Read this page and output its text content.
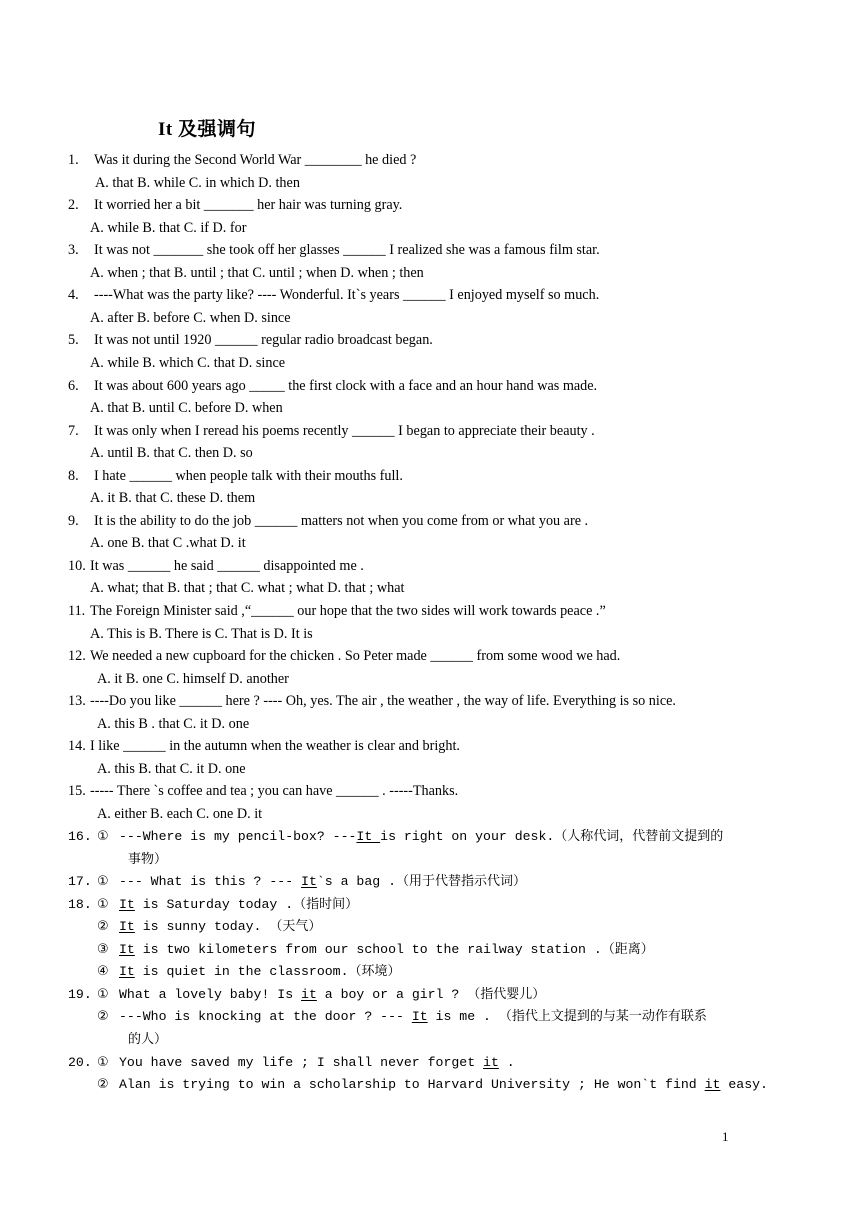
It 及强调句
1. Was it during the Second World War ________ he died ?
A. that B. while C. in which D. then
2. It worried her a bit _______ her hair was turning gray.
A. while B. that C. if D. for
3. It was not _______ she took off her glasses ______ I realized she was a famous film star.
A. when ; that B. until ; that C. until ; when D. when ; then
4. ----What was the party like? ---- Wonderful. It`s years ______ I enjoyed myself so much.
A. after B. before C. when D. since
5. It was not until 1920 ______ regular radio broadcast began.
A. while B. which C. that D. since
6. It was about 600 years ago _____ the first clock with a face and an hour hand was made.
A. that B. until C. before D. when
7. It was only when I reread his poems recently ______ I began to appreciate their beauty .
A. until B. that C. then D. so
8. I hate ______ when people talk with their mouths full.
A. it B. that C. these D. them
9. It is the ability to do the job ______ matters not when you come from or what you are .
A. one B. that C .what D. it
10. It was ______ he said ______ disappointed me .
A. what; that B. that ; that C. what ; what D. that ; what
11. The Foreign Minister said ,“______ our hope that the two sides will work towards peace .”
A. This is B. There is C. That is D. It is
12. We needed a new cupboard for the chicken . So Peter made ______ from some wood we had.
A. it B. one C. himself D. another
13. ----Do you like ______ here ? ---- Oh, yes. The air , the weather , the way of life. Everything is so nice.
A. this B . that C. it D. one
14. I like ______ in the autumn when the weather is clear and bright.
A. this B. that C. it D. one
15. ----- There `s coffee and tea ; you can have ______ . -----Thanks.
A. either B. each C. one D. it
16. ① ---Where is my pencil-box? ---It is right on your desk.（人称代词，代替前文提到的
事物）
17. ① --- What is this ? --- It`s a bag .（用于代替指示代词）
18. ① It is Saturday today .（指时间）
② It is sunny today. （天气）
③ It is two kilometers from our school to the railway station .（距离）
④ It is quiet in the classroom.（环境）
19. ① What a lovely baby! Is it a boy or a girl ? （指代婴儿）
② ---Who is knocking at the door ? --- It is me . （指代上文提到的与某一动作有联系
的人）
20. ① You have saved my life ; I shall never forget it .
② Alan is trying to win a scholarship to Harvard University ; He won`t find it easy.
1
